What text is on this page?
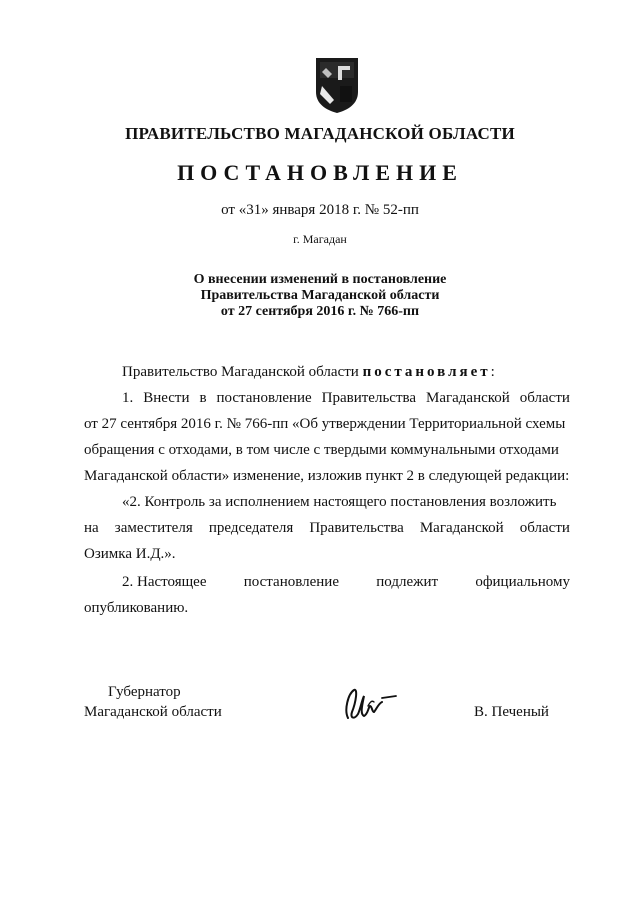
ПРАВИТЕЛЬСТВО МАГАДАНСКОЙ ОБЛАСТИ
ПОСТАНОВЛЕНИЕ
от «31» января 2018 г. № 52-пп
г. Магадан
О внесении изменений в постановление
Правительства Магаданской области
от 27 сентября 2016 г. № 766-пп
Правительство Магаданской области постановляет:
1. Внести в постановление Правительства Магаданской области
от 27 сентября 2016 г. № 766-пп «Об утверждении Территориальной схемы
обращения с отходами, в том числе с твердыми коммунальными отходами
Магаданской области» изменение, изложив пункт 2 в следующей редакции:
«2. Контроль за исполнением настоящего постановления возложить
на заместителя председателя Правительства Магаданской области
Озимка И.Д.».
2. Настоящее постановление подлежит официальному
опубликованию.
Губернатор
Магаданской области	В. Печеный
